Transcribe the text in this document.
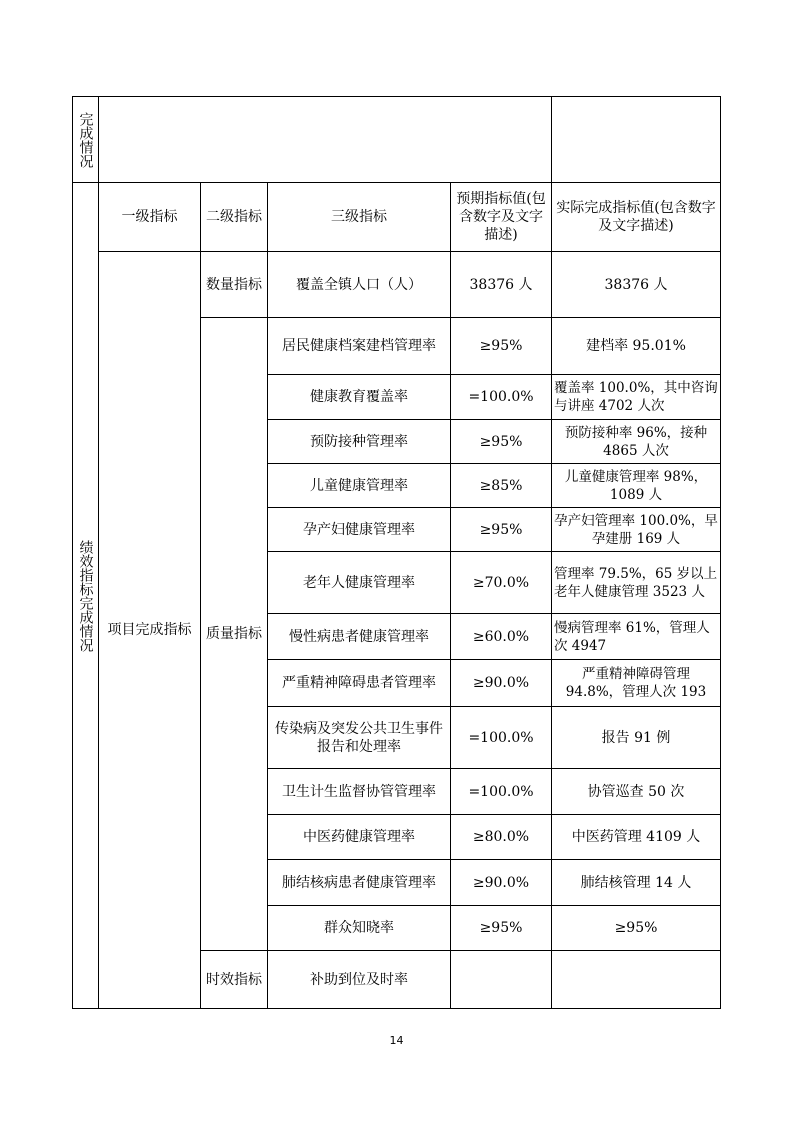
完成情况					
绩效指标完成情况	一级指标	二级指标	三级指标	预期指标值(包含数字及文字描述)	实际完成指标值(包含数字及文字描述)
	项目完成指标	数量指标	覆盖全镇人口（人）	38376 人	38376 人
		质量指标	居民健康档案建档管理率	≥95%	建档率 95.01%
			健康教育覆盖率	=100.0%	覆盖率 100.0%，其中咨询与讲座 4702 人次
			预防接种管理率	≥95%	预防接种率 96%，接种 4865 人次
			儿童健康管理率	≥85%	儿童健康管理率 98%，1089 人
			孕产妇健康管理率	≥95%	孕产妇管理率 100.0%，早孕建册 169 人
			老年人健康管理率	≥70.0%	管理率 79.5%，65 岁以上老年人健康管理 3523 人
			慢性病患者健康管理率	≥60.0%	慢病管理率 61%，管理人次 4947
			严重精神障碍患者管理率	≥90.0%	严重精神障碍管理 94.8%，管理人次 193
			传染病及突发公共卫生事件报告和处理率	=100.0%	报告 91 例
			卫生计生监督协管管理率	=100.0%	协管巡查 50 次
			中医药健康管理率	≥80.0%	中医药管理 4109 人
			肺结核病患者健康管理率	≥90.0%	肺结核管理 14 人
			群众知晓率	≥95%	≥95%
		时效指标	补助到位及时率		
14
